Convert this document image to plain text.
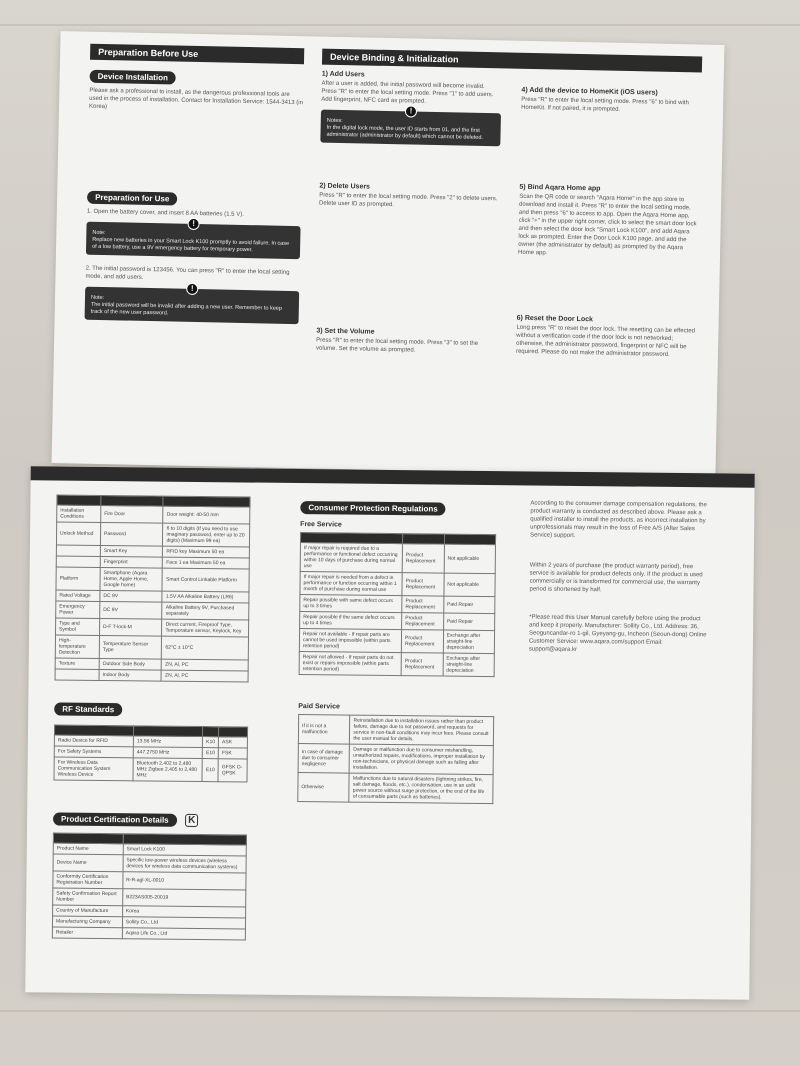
Preparation Before Use
Device Installation
Please ask a professional to install, as the dangerous professional tools are used in the process of installation. Contact for Installation Service: 1544-3413 (in Korea)
Preparation for Use
1. Open the battery cover, and insert 8 AA batteries (1.5 V).
!
Note:
Replace new batteries in your Smart Lock K100 promptly to avoid failure. In case of a low battery, use a 9V emergency battery for temporary power.
2. The initial password is 123456. You can press "R" to enter the local setting mode, and add users.
!
Note:
The initial password will be invalid after adding a new user. Remember to keep track of the new user password.
Device Binding & Initialization
1) Add Users
After a user is added, the initial password will become invalid. Press "R" to enter the local setting mode. Press "1" to add users. Add fingerprint, NFC card as prompted.
!
Notes:
In the digital lock mode, the user ID starts from 01, and the first administrator (administrator by default) which cannot be deleted.
2) Delete Users
Press "R" to enter the local setting mode. Press "2" to delete users. Delete user ID as prompted.
3) Set the Volume
Press "R" to enter the local setting mode. Press "3" to set the volume. Set the volume as prompted.
4) Add the device to HomeKit (iOS users)
Press "R" to enter the local setting mode. Press "6" to bind with HomeKit. If not paired, it is prompted.
5) Bind Aqara Home app
Scan the QR code or search "Aqara Home" in the app store to download and install it. Press "R" to enter the local setting mode, and then press "6" to access to app. Open the Aqara Home app, click "+" in the upper right corner, click to select the smart door lock and then select the door lock "Smart Lock K100", and add Aqara lock as prompted. Enter the Door Lock K100 page, and add the owner (the administrator by default) as prompted by the Aqara Home app.
6) Reset the Door Lock
Long press "R" to reset the door lock. The resetting can be effected without a verification code if the door lock is not networked; otherwise, the administrator password, fingerprint or NFC will be required. Please do not make the administrator password.

Installation Conditions	Fire Door	Door weight: 40-50 mm
Unlock Method	Password	6 to 10 digits (If you need to use imaginary password, enter up to 20 digits) (Maximum 99 ea)
	Smart Key	RFID key Maximum 50 ea
	Fingerprint	Face 1 ea Maximum 50 ea
Platform	Smartphone (Aqara Home, Apple Home, Google home)	Smart Control Linkable Platform
Rated Voltage	DC 9V	1.5V AA Alkaline Battery (LR6)
Emergency Power	DC 9V	Alkaline Battery 9V, Purchased separately
Type and Symbol	D-F T-lock-M	Direct current, Fireproof Type, Temporature sensor, Keylock, Key
High-temperature Detection	Temperature Sensor Type	62°C ± 10°C
Texture	Outdoor Side Body	ZN, Al, PC
	Indoor Body	ZN, Al, PC
RF Standards

Radio Device for RFID	13.56 MHz	K10	ASK
For Safety Systems	447.2750 MHz	E10	FSK
For Wireless Data Communication System Wireless Device	Bluetooth 2,402 to 2,480 MHz Zigbee 2,405 to 2,480 MHz	E10	GFSK O-QPSK
Product Certification Details K

Product Name	Smart Lock K100
Device Name	Specific low-power wireless devices (wireless devices for wireless data communication systems)
Conformity Certification Registration Number	R-R-agl-XL-0010
Safety Confirmation Report Number	B223AS005-20019
Country of Manufacture	Korea
Manufacturing Company	Sollity Co., Ltd
Retailer	Aqara Life Co., Ltd
Consumer Protection Regulations
Free Service

If major repair is required due to a performance or functional defect occurring within 10 days of purchase during normal use	Product Replacement	Not applicable
If major repair is needed from a defect in performance or function occurring within 1 month of purchase during normal use	Product Replacement	Not applicable
Repair possible with same defect occurs up to 3 times	Product Replacement	Paid Repair
Repair possible if the same defect occurs up to 4 times	Product Replacement	Paid Repair
Repair not available - If repair parts are cannot be used impossible (within parts retention period)	Product Replacement	Exchange after straight-line depreciation
Repair not allowed - If repair parts do not exist or repairs impossible (within parts retention period)	Product Replacement	Exchange after straight-line depreciation
Paid Service
If it is not a malfunction	Reinstallation due to installation issues rather than product failure, damage due to not password, and requests for service in non-fault conditions may incur fees. Please consult the user manual for details.
In case of damage due to consumer negligence	Damage or malfunction due to consumer mishandling, unauthorized repairs, modifications, improper installation by non-technicians, or physical damage such as falling after installation.
Otherwise	Malfunctions due to natural disasters (lightning strikes, fire, salt damage, floods, etc.), condensation, use in an unfit power source without surge protection, or the end of the life of consumable parts (such as batteries).
According to the consumer damage compensation regulations, the product warranty is conducted as described above. Please ask a qualified installer to install the products, as incorrect installation by unprofessionals may result in the loss of Free A/S (After Sales Service) support.
Within 2 years of purchase (the product warranty period), free service is available for product defects only. If the product is used commercially or is transformed for commercial use, the warranty period is shortened by half.
*Please read this User Manual carefully before using the product and keep it properly. Manufacturer: Sollity Co., Ltd. Address: 36, Seoguncandar-ro 1-gil, Gyeyang-gu, Incheon (Seoun-dong) Online Customer Service: www.aqara.com/support Email: support@aqara.kr
